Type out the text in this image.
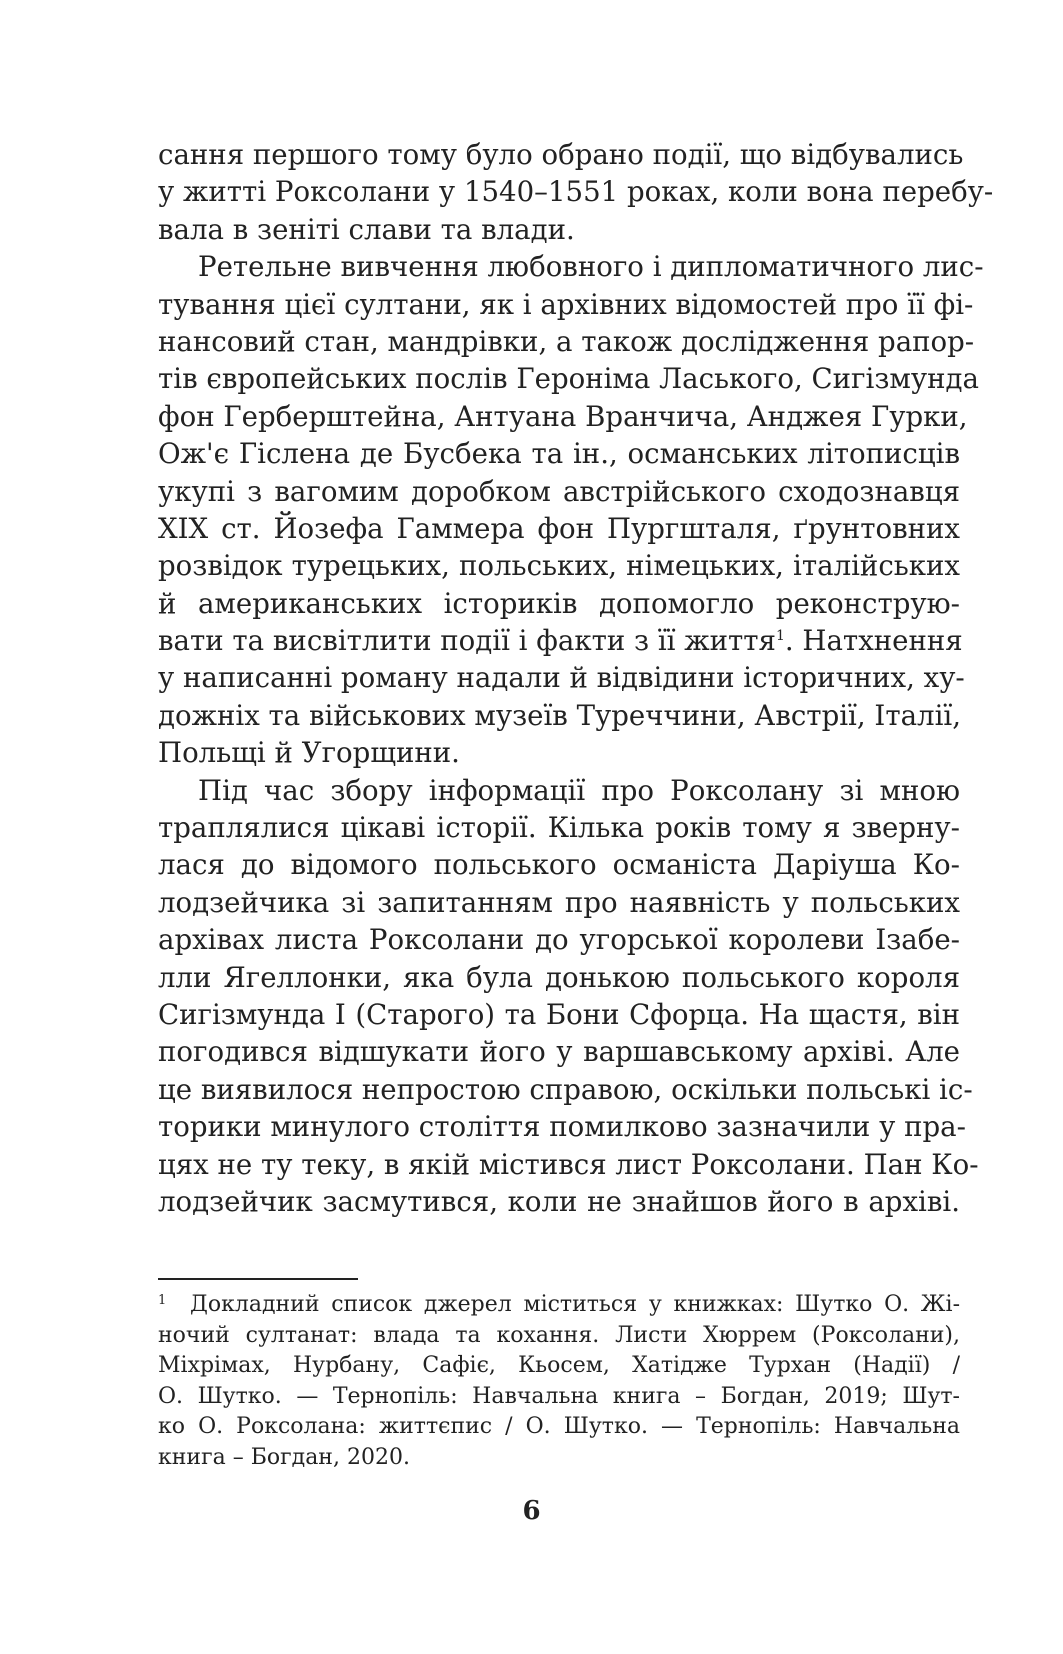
сання першого тому було обрано події, що відбувались
у житті Роксолани у 1540–1551 роках, коли вона перебу-
вала в зеніті слави та влади.

Ретельне вивчення любовного і дипломатичного лис-
тування цієї султани, як і архівних відомостей про її фі-
нансовий стан, мандрівки, а також дослідження рапор-
тів європейських послів Героніма Ласького, Сигізмунда
фон Герберштейна, Антуана Вранчича, Анджея Гурки,
Ож'є Гіслена де Бусбека та ін., османських літописців
укупі з вагомим доробком австрійського сходознавця
XIX ст. Йозефа Гаммера фон Пургшталя, ґрунтовних
розвідок турецьких, польських, німецьких, італійських
й американських істориків допомогло реконструю-
вати та висвітлити події і факти з її життя$^1$. Натхнення
у написанні роману надали й відвідини історичних, ху-
дожніх та військових музеїв Туреччини, Австрії, Італії,
Польщі й Угорщини.

Під час збору інформації про Роксолану зі мною
траплялися цікаві історії. Кілька років тому я зверну-
лася до відомого польського османіста Даріуша Ко-
лодзейчика зі запитанням про наявність у польських
архівах листа Роксолани до угорської королеви Ізабе-
лли Ягеллонки, яка була донькою польського короля
Сигізмунда I (Старого) та Бони Сфорца. На щастя, він
погодився відшукати його у варшавському архіві. Але
це виявилося непростою справою, оскільки польські іс-
торики минулого століття помилково зазначили у пра-
цях не ту теку, в якій містився лист Роксолани. Пан Ко-
лодзейчик засмутився, коли не знайшов його в архіві.

1	Докладний список джерел міститься у книжках: Шутко О. Жі-
ночий султанат: влада та кохання. Листи Хюррем (Роксолани),
Міхрімах, Нурбану, Сафіє, Кьосем, Хатідже Турхан (Надії) /
О. Шутко. — Тернопіль: Навчальна книга – Богдан, 2019; Шут-
ко О. Роксолана: життєпис / О. Шутко. — Тернопіль: Навчальна
книга – Богдан, 2020.
6
